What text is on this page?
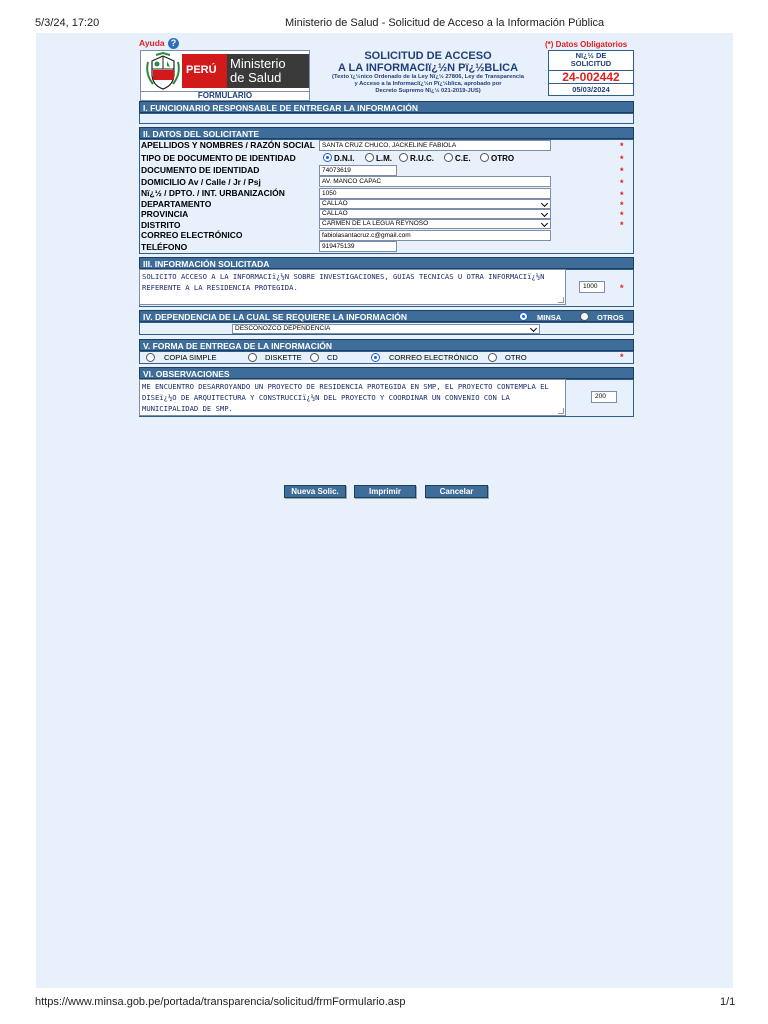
5/3/24, 17:20	Ministerio de Salud - Solicitud de Acceso a la Información Pública
https://www.minsa.gob.pe/portada/transparencia/solicitud/frmFormulario.asp	1/1
Ayuda ?
PERÚ Ministerio
de Salud
FORMULARIO
SOLICITUD DE ACCESO
A LA INFORMACIï¿½N Pï¿½BLICA
(Texto ï¿½nico Ordenado de la Ley Nï¿½ 27806, Ley de Transparencia
y Acceso a la Informaciï¿½n Pï¿½blica, aprobado por
Decreto Supremo Nï¿½ 021-2019-JUS)
(*) Datos Obligatorios
Nï¿½ DE
SOLICITUD
24-002442
05/03/2024
I. FUNCIONARIO RESPONSABLE DE ENTREGAR LA INFORMACIÓN
II. DATOS DEL SOLICITANTE
APELLIDOS Y NOMBRES / RAZÓN SOCIAL	SANTA CRUZ CHUCO, JACKELINE FABIOLA	*
TIPO DE DOCUMENTO DE IDENTIDAD	D.N.I.	L.M. R.U.C.	C.E.	OTRO	*
DOCUMENTO DE IDENTIDAD	74073619	*
DOMICILIO Av / Calle / Jr / Psj	AV. MANCO CAPAC	*
Nï¿½ / DPTO. / INT. URBANIZACIÓN	1050	*
DEPARTAMENTO	CALLAO	*
PROVINCIA	CALLAO	*
DISTRITO	CARMEN DE LA LEGUA REYNOSO	*
CORREO ELECTRÓNICO	fabiolasantacruz.c@gmail.com
TELÉFONO	919475139
III. INFORMACIÓN SOLICITADA
SOLICITO ACCESO A LA INFORMACIï¿½N SOBRE INVESTIGACIONES, GUIAS TECNICAS U OTRA INFORMACIï¿½N REFERENTE A LA RESIDENCIA PROTEGIDA.	1000	*
IV. DEPENDENCIA DE LA CUAL SE REQUIERE LA INFORMACIÓN	MINSA	OTROS
DESCONOZCO DEPENDENCIA
V. FORMA DE ENTREGA DE LA INFORMACIÓN
COPIA SIMPLE	DISKETTE	CD	CORREO ELECTRÓNICO	OTRO	*
VI. OBSERVACIONES
ME ENCUENTRO DESARROYANDO UN PROYECTO DE RESIDENCIA PROTEGIDA EN SMP, EL PROYECTO CONTEMPLA EL DISEï¿½O DE ARQUITECTURA Y CONSTRUCCIï¿½N DEL PROYECTO Y COORDINAR UN CONVENIO CON LA MUNICIPALIDAD DE SMP.
200
Nueva Solic.	Imprimir	Cancelar
